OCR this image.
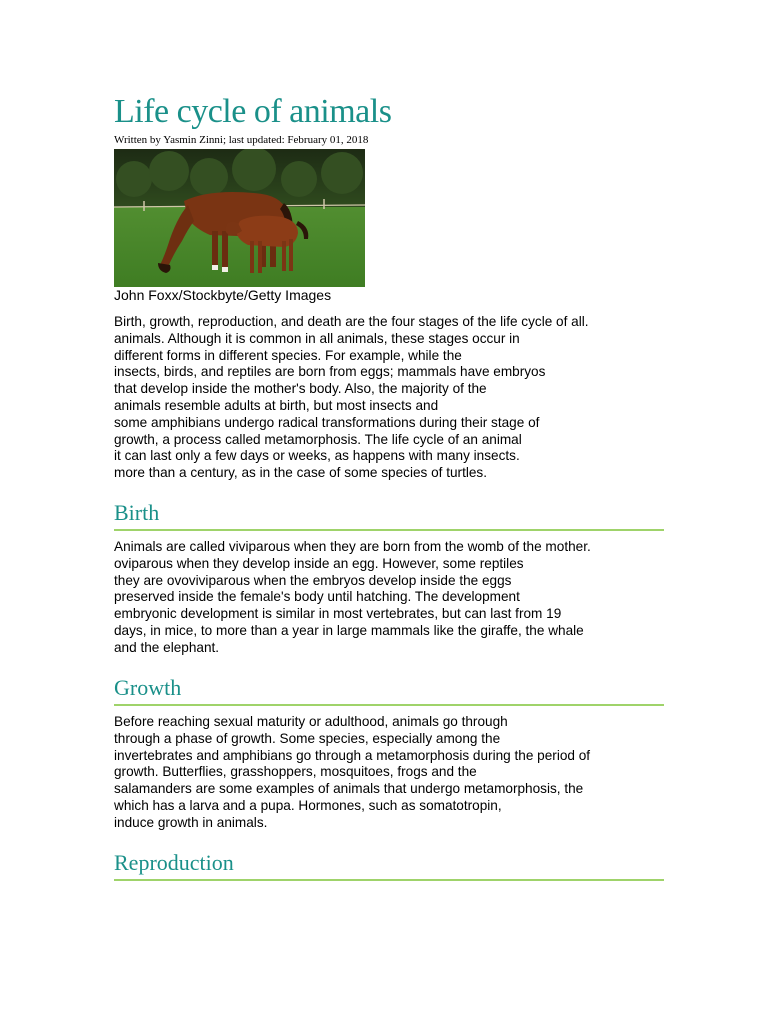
Life cycle of animals

Written by Yasmin Zinni; last updated: February 01, 2018

John Foxx/Stockbyte/Getty Images

Birth, growth, reproduction, and death are the four stages of the life cycle of all.
animals. Although it is common in all animals, these stages occur in
different forms in different species. For example, while the
insects, birds, and reptiles are born from eggs; mammals have embryos
that develop inside the mother's body. Also, the majority of the
animals resemble adults at birth, but most insects and
some amphibians undergo radical transformations during their stage of
growth, a process called metamorphosis. The life cycle of an animal
it can last only a few days or weeks, as happens with many insects.
more than a century, as in the case of some species of turtles.
Birth
Animals are called viviparous when they are born from the womb of the mother.
oviparous when they develop inside an egg. However, some reptiles
they are ovoviviparous when the embryos develop inside the eggs
preserved inside the female's body until hatching. The development
embryonic development is similar in most vertebrates, but can last from 19
days, in mice, to more than a year in large mammals like the giraffe, the whale
and the elephant.
Growth
Before reaching sexual maturity or adulthood, animals go through
through a phase of growth. Some species, especially among the
invertebrates and amphibians go through a metamorphosis during the period of
growth. Butterflies, grasshoppers, mosquitoes, frogs and the
salamanders are some examples of animals that undergo metamorphosis, the
which has a larva and a pupa. Hormones, such as somatotropin,
induce growth in animals.
Reproduction
